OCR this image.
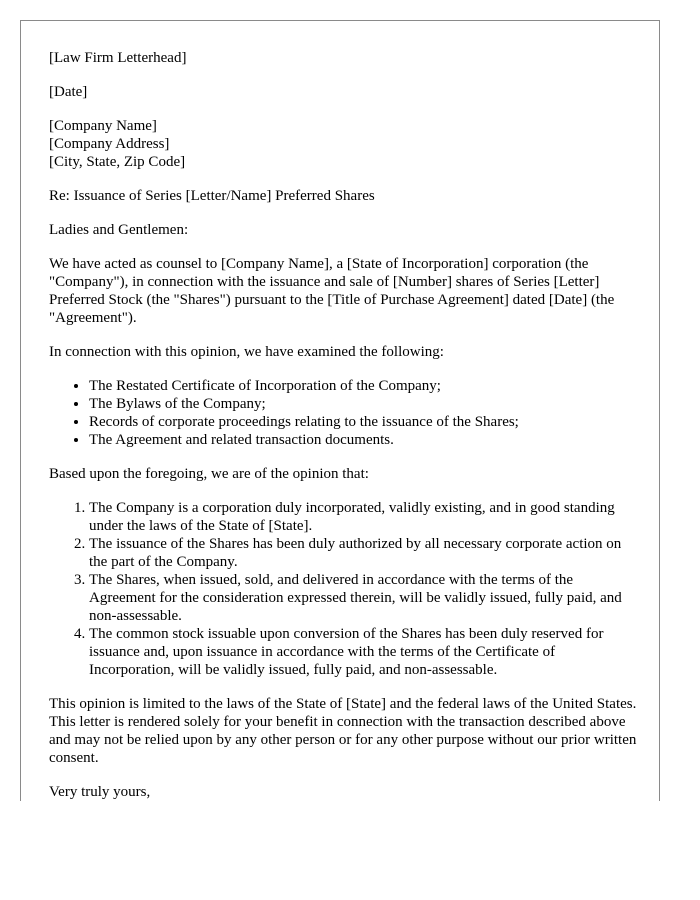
[Law Firm Letterhead]

[Date]

[Company Name]
[Company Address]
[City, State, Zip Code]

Re: Issuance of Series [Letter/Name] Preferred Shares

Ladies and Gentlemen:

We have acted as counsel to [Company Name], a [State of Incorporation] corporation (the "Company"), in connection with the issuance and sale of [Number] shares of Series [Letter] Preferred Stock (the "Shares") pursuant to the [Title of Purchase Agreement] dated [Date] (the "Agreement").

In connection with this opinion, we have examined the following:

• The Restated Certificate of Incorporation of the Company;
• The Bylaws of the Company;
• Records of corporate proceedings relating to the issuance of the Shares;
• The Agreement and related transaction documents.

Based upon the foregoing, we are of the opinion that:

1. The Company is a corporation duly incorporated, validly existing, and in good standing under the laws of the State of [State].
2. The issuance of the Shares has been duly authorized by all necessary corporate action on the part of the Company.
3. The Shares, when issued, sold, and delivered in accordance with the terms of the Agreement for the consideration expressed therein, will be validly issued, fully paid, and non-assessable.
4. The common stock issuable upon conversion of the Shares has been duly reserved for issuance and, upon issuance in accordance with the terms of the Certificate of Incorporation, will be validly issued, fully paid, and non-assessable.

This opinion is limited to the laws of the State of [State] and the federal laws of the United States. This letter is rendered solely for your benefit in connection with the transaction described above and may not be relied upon by any other person or for any other purpose without our prior written consent.

Very truly yours,
